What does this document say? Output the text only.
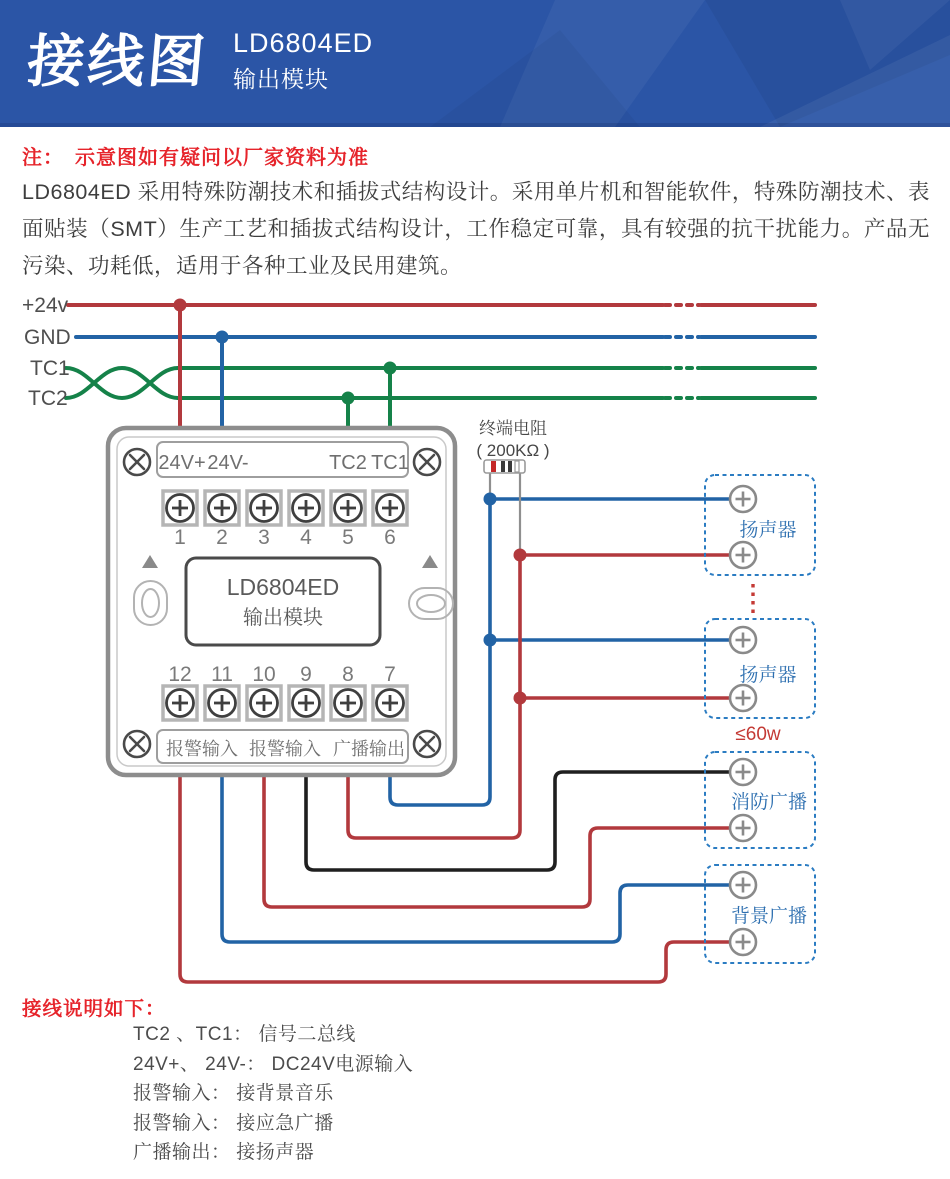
接线图 LD6804ED
输出模块
注：　示意图如有疑问以厂家资料为准
LD6804ED 采用特殊防潮技术和插拔式结构设计。采用单片机和智能软件，特殊防潮技术、表面贴装（SMT）生产工艺和插拔式结构设计，工作稳定可靠，具有较强的抗干扰能力。产品无污染、功耗低，适用于各种工业及民用建筑。
+24v
GND
TC1
TC2
24V+ 24V-	TC2 TC1
1 2 3 4 5 6
LD6804ED
输出模块
12 11 10 9 8 7
报警输入 报警输入 广播输出
终端电阻
( 200KΩ )
扬声器
扬声器
消防广播
背景广播
≤60w
接线说明如下：
TC2 、TC1： 信号二总线
24V+、 24V-： DC24V电源输入
报警输入： 接背景音乐
报警输入： 接应急广播
广播输出： 接扬声器
